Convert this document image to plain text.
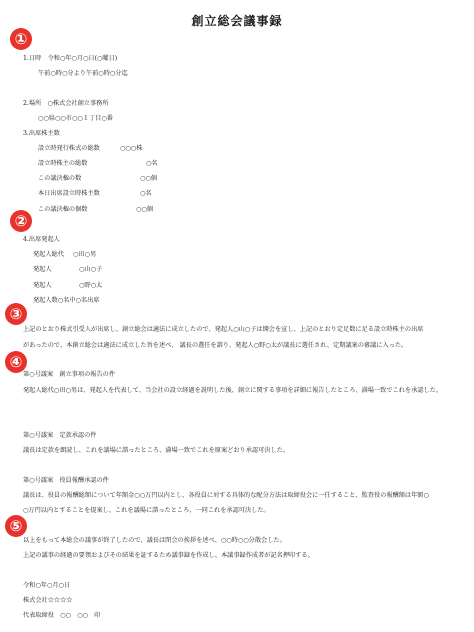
創立総会議事録
①
1.日時　令和○年○月○日(○曜日)
午前○時○分より午前○時○分迄
2.場所　○株式会社創立事務所
○○県○○市○○１丁目○番
3.出席株主数
設立時発行株式の総数	○○○株
設立時株主の総数	○名
この議決権の数	○○個
本日出席設立時株主数	○名
この議決権の個数	○○個
②
4.出席発起人
発起人総代 ○田○男
発起人	○山○子
発起人	○野○太
発起人数○名中○名出席
③
上記のとおり株式引受人が出席し、創立総会は適法に成立したので、発起人○山○子は開会を宣し、上記のとおり定足数に足る設立時株主の出席
があったので、本創立総会は適法に成立した旨を述べ、 議長の選任を諮り、発起人○野○太が議長に選任され、定期議案の審議に入った。
④
第○号議案　創立事項の報告の件
発起人総代○田○男は、発起人を代表して、当会社の設立経過を説明した後、創立に関する事項を詳細に報告したところ、満場一致でこれを承認した。
第○号議案　定款承認の件
議長は定款を朗読し、これを議場に諮ったところ、満場一致でこれを原案どおり承認可決した。
第○号議案　役員報酬承認の件
議長は、役員の報酬総額について年額金○○万円以内とし、各役員に対する具体的な配分方法は取締役会に一任すること、監査役の報酬額は年額○
○万円以内とすることを提案し、これを議場に諮ったところ、一同これを承認可決した。
⑤
以上をもって本総会の議事が終了したので、議長は閉会の挨拶を述べ、○○時○○分散会した。
上記の議事の経過の要領およびその結果を証するため議事録を作成し、本議事録作成者が記名押印する。
令和○年○月○日
株式会社☆☆☆☆
代表取締役　○○　○○　印
